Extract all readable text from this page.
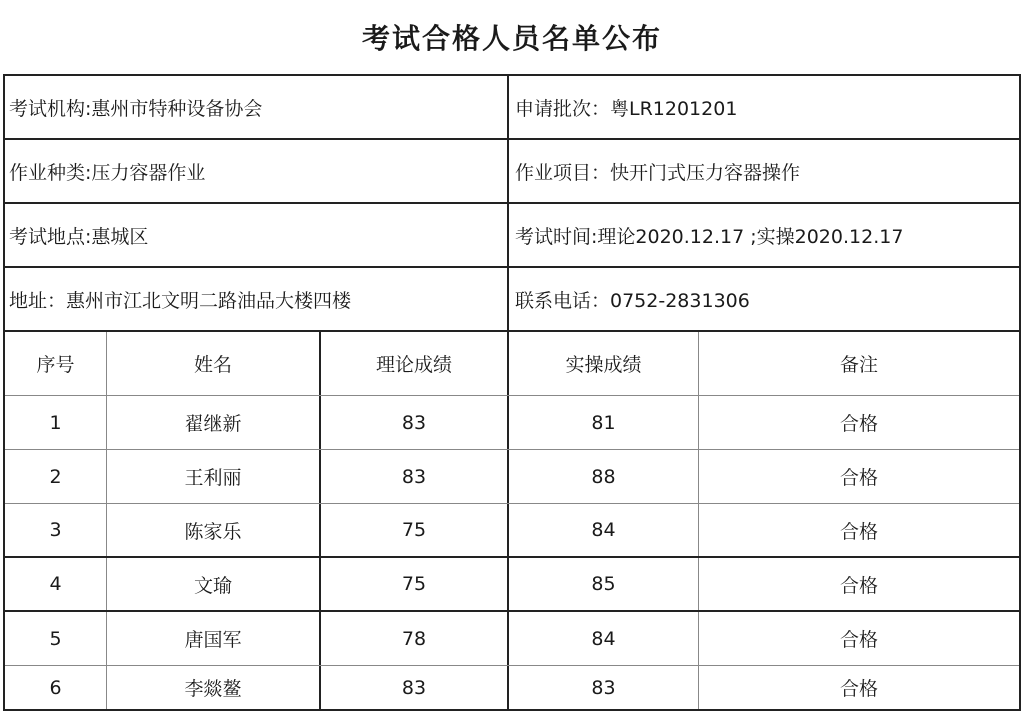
考试合格人员名单公布
考试机构:惠州市特种设备协会	申请批次：粤LR1201201
作业种类:压力容器作业	作业项目：快开门式压力容器操作
考试地点:惠城区	考试时间:理论2020.12.17 ;实操2020.12.17
地址：惠州市江北文明二路油品大楼四楼	联系电话：0752-2831306
序号	姓名	理论成绩	实操成绩	备注
1	翟继新	83	81	合格
2	王利丽	83	88	合格
3	陈家乐	75	84	合格
4	文瑜	75	85	合格
5	唐国军	78	84	合格
6	李燚鳌	83	83	合格
